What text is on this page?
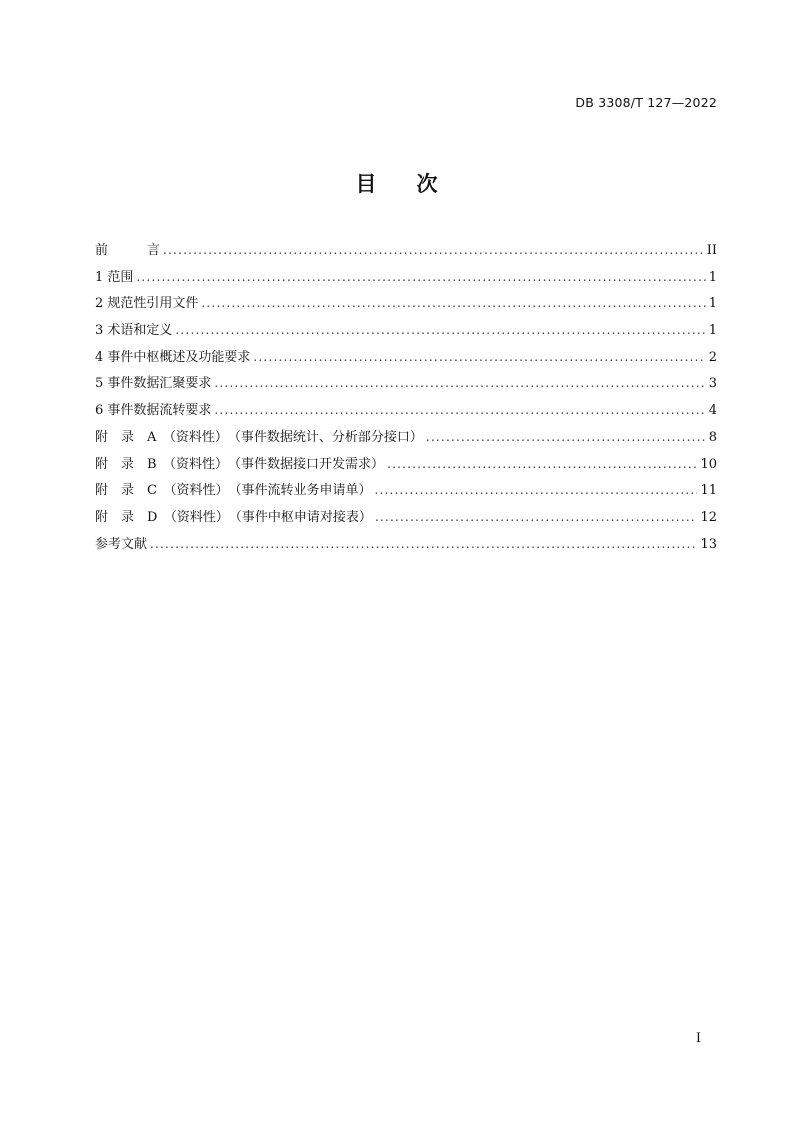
DB 3308/T 127—2022
目 次
前　　　言 .....	II
1 范围 .....	1
2 规范性引用文件 .....	1
3 术语和定义 .....	1
4 事件中枢概述及功能要求 .....	2
5 事件数据汇聚要求 .....	3
6 事件数据流转要求 .....	4
附　录　A　（资料性）　（事件数据统计、分析部分接口） .....	8
附　录　B　（资料性）　（事件数据接口开发需求） .....	10
附　录　C　（资料性）　（事件流转业务申请单） .....	11
附　录　D　（资料性）　（事件中枢申请对接表） .....	12
参考文献 .....	13
I
